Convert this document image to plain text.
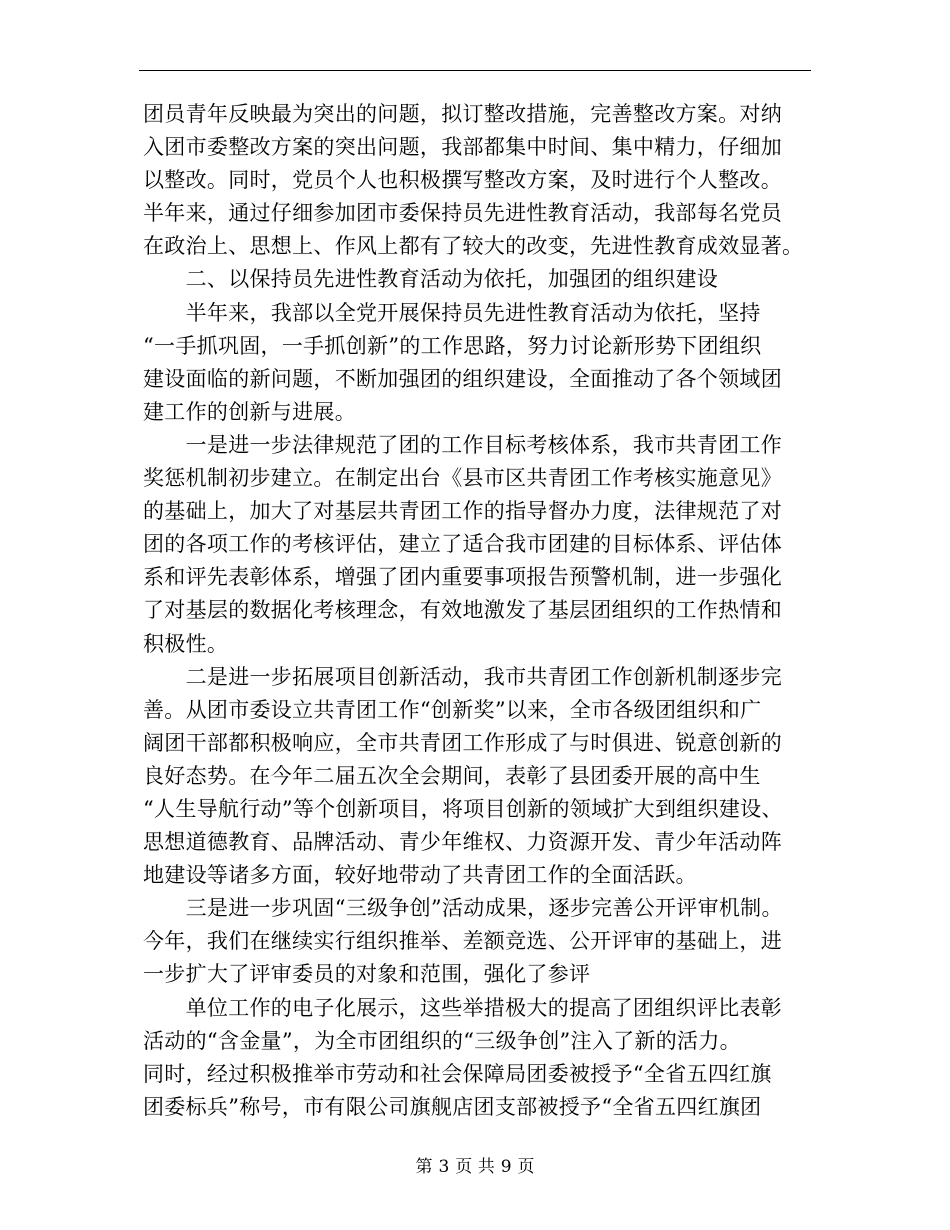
团员青年反映最为突出的问题，拟订整改措施，完善整改方案。对纳
入团市委整改方案的突出问题，我部都集中时间、集中精力，仔细加
以整改。同时，党员个人也积极撰写整改方案，及时进行个人整改。
半年来，通过仔细参加团市委保持员先进性教育活动，我部每名党员
在政治上、思想上、作风上都有了较大的改变，先进性教育成效显著。
　　二、以保持员先进性教育活动为依托，加强团的组织建设
　　半年来，我部以全党开展保持员先进性教育活动为依托，坚持
“一手抓巩固，一手抓创新”的工作思路，努力讨论新形势下团组织
建设面临的新问题，不断加强团的组织建设，全面推动了各个领域团
建工作的创新与进展。
　　一是进一步法律规范了团的工作目标考核体系，我市共青团工作
奖惩机制初步建立。在制定出台《县市区共青团工作考核实施意见》
的基础上，加大了对基层共青团工作的指导督办力度，法律规范了对
团的各项工作的考核评估，建立了适合我市团建的目标体系、评估体
系和评先表彰体系，增强了团内重要事项报告预警机制，进一步强化
了对基层的数据化考核理念，有效地激发了基层团组织的工作热情和
积极性。
　　二是进一步拓展项目创新活动，我市共青团工作创新机制逐步完
善。从团市委设立共青团工作“创新奖”以来，全市各级团组织和广
阔团干部都积极响应，全市共青团工作形成了与时俱进、锐意创新的
良好态势。在今年二届五次全会期间，表彰了县团委开展的高中生
“人生导航行动”等个创新项目，将项目创新的领域扩大到组织建设、
思想道德教育、品牌活动、青少年维权、力资源开发、青少年活动阵
地建设等诸多方面，较好地带动了共青团工作的全面活跃。
　　三是进一步巩固“三级争创”活动成果，逐步完善公开评审机制。
今年，我们在继续实行组织推举、差额竞选、公开评审的基础上，进
一步扩大了评审委员的对象和范围，强化了参评
　　单位工作的电子化展示，这些举措极大的提高了团组织评比表彰
活动的“含金量”，为全市团组织的“三级争创”注入了新的活力。
同时，经过积极推举市劳动和社会保障局团委被授予“全省五四红旗
团委标兵”称号，市有限公司旗舰店团支部被授予“全省五四红旗团
第 3 页 共 9 页
